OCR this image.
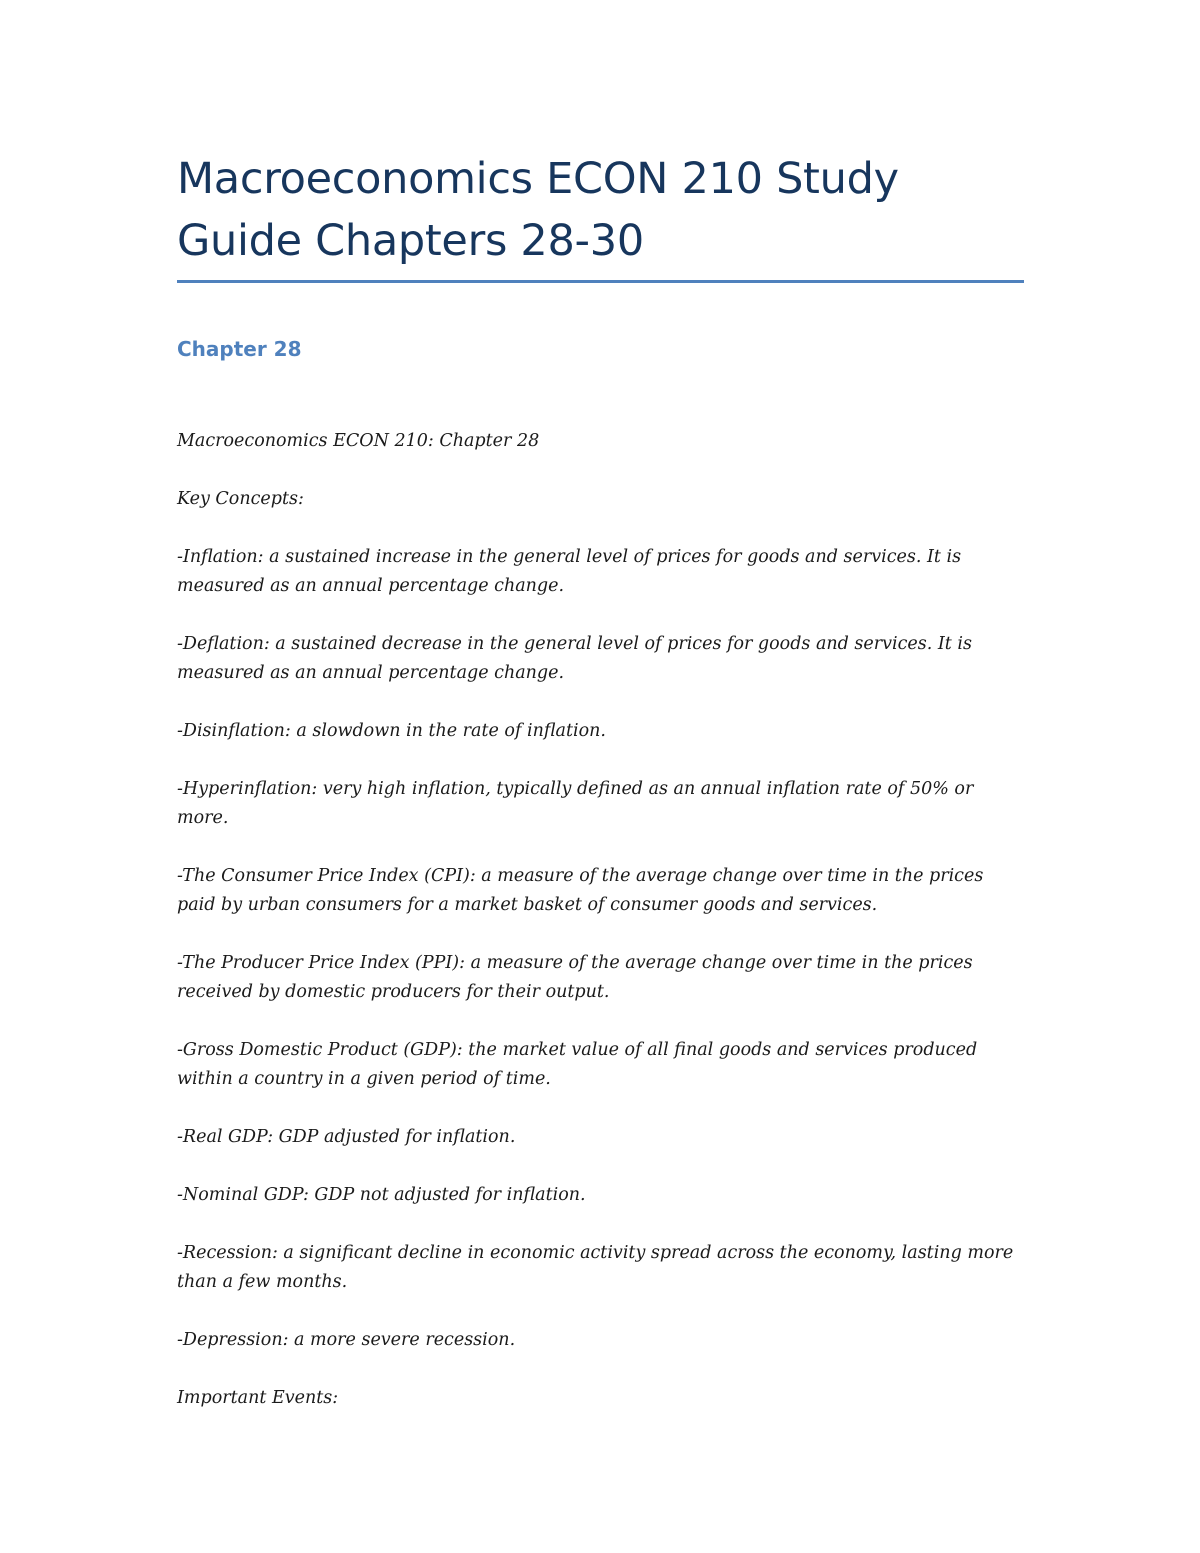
Macroeconomics ECON 210 Study Guide Chapters 28-30
Chapter 28

Macroeconomics ECON 210: Chapter 28

Key Concepts:

-Inflation: a sustained increase in the general level of prices for goods and services. It is measured as an annual percentage change.

-Deflation: a sustained decrease in the general level of prices for goods and services. It is measured as an annual percentage change.

-Disinflation: a slowdown in the rate of inflation.

-Hyperinflation: very high inflation, typically defined as an annual inflation rate of 50% or more.

-The Consumer Price Index (CPI): a measure of the average change over time in the prices paid by urban consumers for a market basket of consumer goods and services.

-The Producer Price Index (PPI): a measure of the average change over time in the prices received by domestic producers for their output.

-Gross Domestic Product (GDP): the market value of all final goods and services produced within a country in a given period of time.

-Real GDP: GDP adjusted for inflation.

-Nominal GDP: GDP not adjusted for inflation.

-Recession: a significant decline in economic activity spread across the economy, lasting more than a few months.

-Depression: a more severe recession.

Important Events:
